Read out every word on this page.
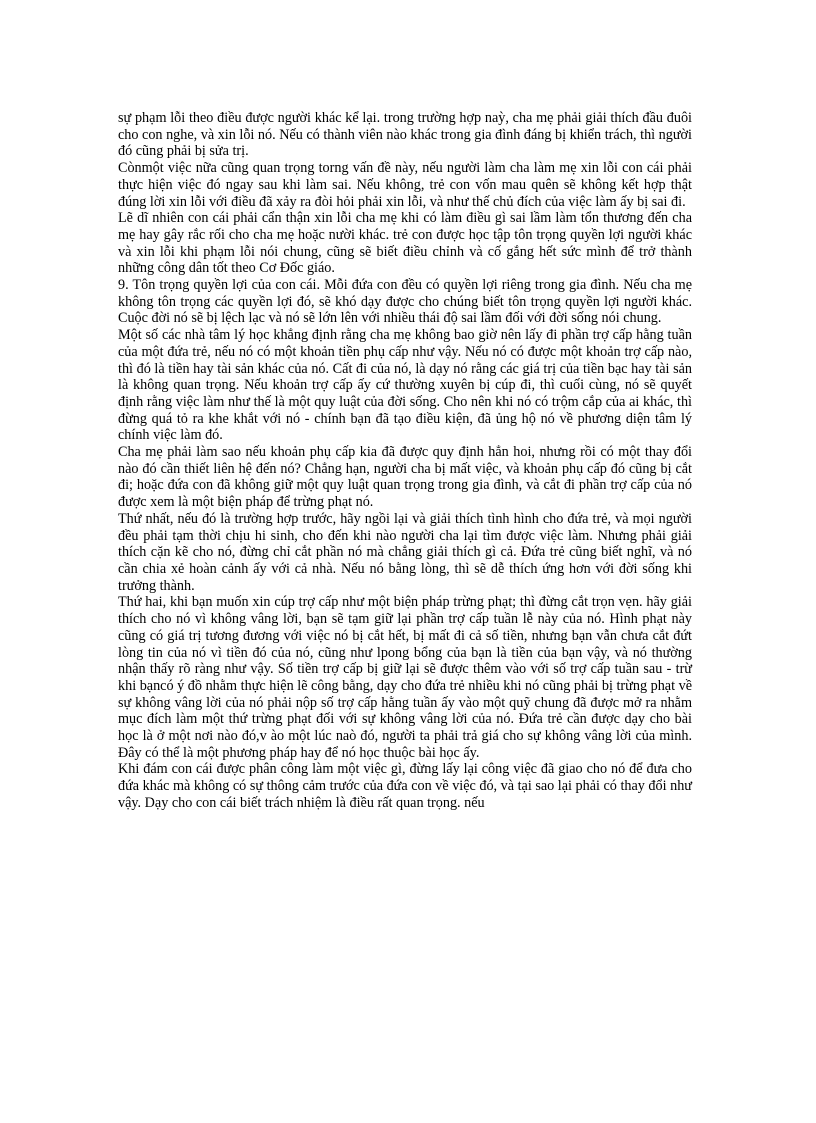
sự phạm lỗi theo điều được người khác kể lại. trong trường hợp naỳ, cha mẹ phải giải thích đầu đuôi cho con nghe, và xin lỗi nó. Nếu có thành viên nào khác trong gia đình đáng bị khiển trách, thì người đó cũng phải bị sửa trị.

Cònmột việc nữa cũng quan trọng torng vấn đề này, nếu người làm cha làm mẹ xin lỗi con cái phải thực hiện việc đó ngay sau khi làm sai. Nếu không, trẻ con vốn mau quên sẽ không kết hợp thật đúng lời xin lỗi với điều đã xảy ra đòi hỏi phải xin lỗi, và như thế chủ đích của việc làm ấy bị sai đi.

Lẽ dĩ nhiên con cái phải cẩn thận xin lỗi cha mẹ khi có làm điều gì sai lầm làm tổn thương đến cha mẹ hay gây rắc rối cho cha mẹ hoặc nười khác. trẻ con được học tập tôn trọng quyền lợi người khác và xin lỗi khi phạm lỗi nói chung, cũng sẽ biết điều chỉnh và cố gắng hết sức mình để trở thành những công dân tốt theo Cơ Đốc giáo.

9. Tôn trọng quyền lợi của con cái. Mỗi đứa con đều có quyền lợi riêng trong gia đình. Nếu cha mẹ không tôn trọng các quyền lợi đó, sẽ khó dạy được cho chúng biết tôn trọng quyền lợi người khác. Cuộc đời nó sẽ bị lệch lạc và nó sẽ lớn lên với nhiều thái độ sai lầm đối với đời sống nói chung.

Một số các nhà tâm lý học khẳng định rằng cha mẹ không bao giờ nên lấy đi phần trợ cấp hằng tuần của một đứa trẻ, nếu nó có một khoản tiền phụ cấp như vậy. Nếu nó có được một khoản trợ cấp nào, thì đó là tiền hay tài sản khác của nó. Cất đi của nó, là dạy nó rằng các giá trị của tiền bạc hay tài sản là không quan trọng. Nếu khoản trợ cấp ấy cứ thường xuyên bị cúp đi, thì cuối cùng, nó sẽ quyết định rằng việc làm như thế là một quy luật của đời sống. Cho nên khi nó có trộm cắp của ai khác, thì đừng quá tỏ ra khe khắt với nó - chính bạn đã tạo điều kiện, đã ủng hộ nó về phương diện tâm lý chính việc làm đó.

Cha mẹ phải làm sao nếu khoản phụ cấp kia đã được quy định hẳn hoi, nhưng rồi có một thay đổi nào đó cần thiết liên hệ đến nó? Chẳng hạn, người cha bị mất việc, và khoản phụ cấp đó cũng bị cắt đi; hoặc đứa con đã không giữ một quy luật quan trọng trong gia đình, và cắt đi phần trợ cấp của nó được xem là một biện pháp để trừng phạt nó.

Thứ nhất, nếu đó là trường hợp trước, hãy ngồi lại và giải thích tình hình cho đứa trẻ, và mọi người đều phải tạm thời chịu hi sinh, cho đến khi nào người cha lại tìm được việc làm. Nhưng phải giải thích cặn kẽ cho nó, đừng chỉ cắt phần nó mà chẳng giải thích gì cả. Đứa trẻ cũng biết nghĩ, và nó cần chia xẻ hoàn cảnh ấy với cả nhà. Nếu nó bằng lòng, thì sẽ dễ thích ứng hơn với đời sống khi trưởng thành.

Thứ hai, khi bạn muốn xin cúp trợ cấp như một biện pháp trừng phạt; thì đừng cắt trọn vẹn. hãy giải thích cho nó vì không vâng lời, bạn sẽ tạm giữ lại phần trợ cấp tuần lễ này của nó. Hình phạt này cũng có giá trị tương đương với việc nó bị cắt hết, bị mất đi cả số tiền, nhưng bạn vẫn chưa cắt đứt lòng tin của nó vì tiền đó của nó, cũng như lpong bổng của bạn là tiền của bạn vậy, và nó thường nhận thấy rõ ràng như vậy. Số tiền trợ cấp bị giữ lại sẽ được thêm vào với số trợ cấp tuần sau - trừ khi bạncó ý đồ nhằm thực hiện lẽ công bằng, dạy cho đứa trẻ nhiều khi nó cũng phải bị trừng phạt về sự không vâng lời của nó phải nộp số trợ cấp hằng tuần ấy vào một quỹ chung đã được mở ra nhằm mục đích làm một thứ trừng phạt đối với sự không vâng lời của nó. Đứa trẻ cần được dạy cho bài học là ở một nơi nào đó,v ào một lúc naò đó, người ta phải trả giá cho sự không vâng lời của mình. Đây có thể là một phương pháp hay để nó học thuộc bài học ấy.

Khi đám con cái được phân công làm một việc gì, đừng lấy lại công việc đã giao cho nó để đưa cho đứa khác mà không có sự thông cảm trước của đứa con về việc đó, và tại sao lại phải có thay đổi như vậy. Dạy cho con cái biết trách nhiệm là điều rất quan trọng. nếu
